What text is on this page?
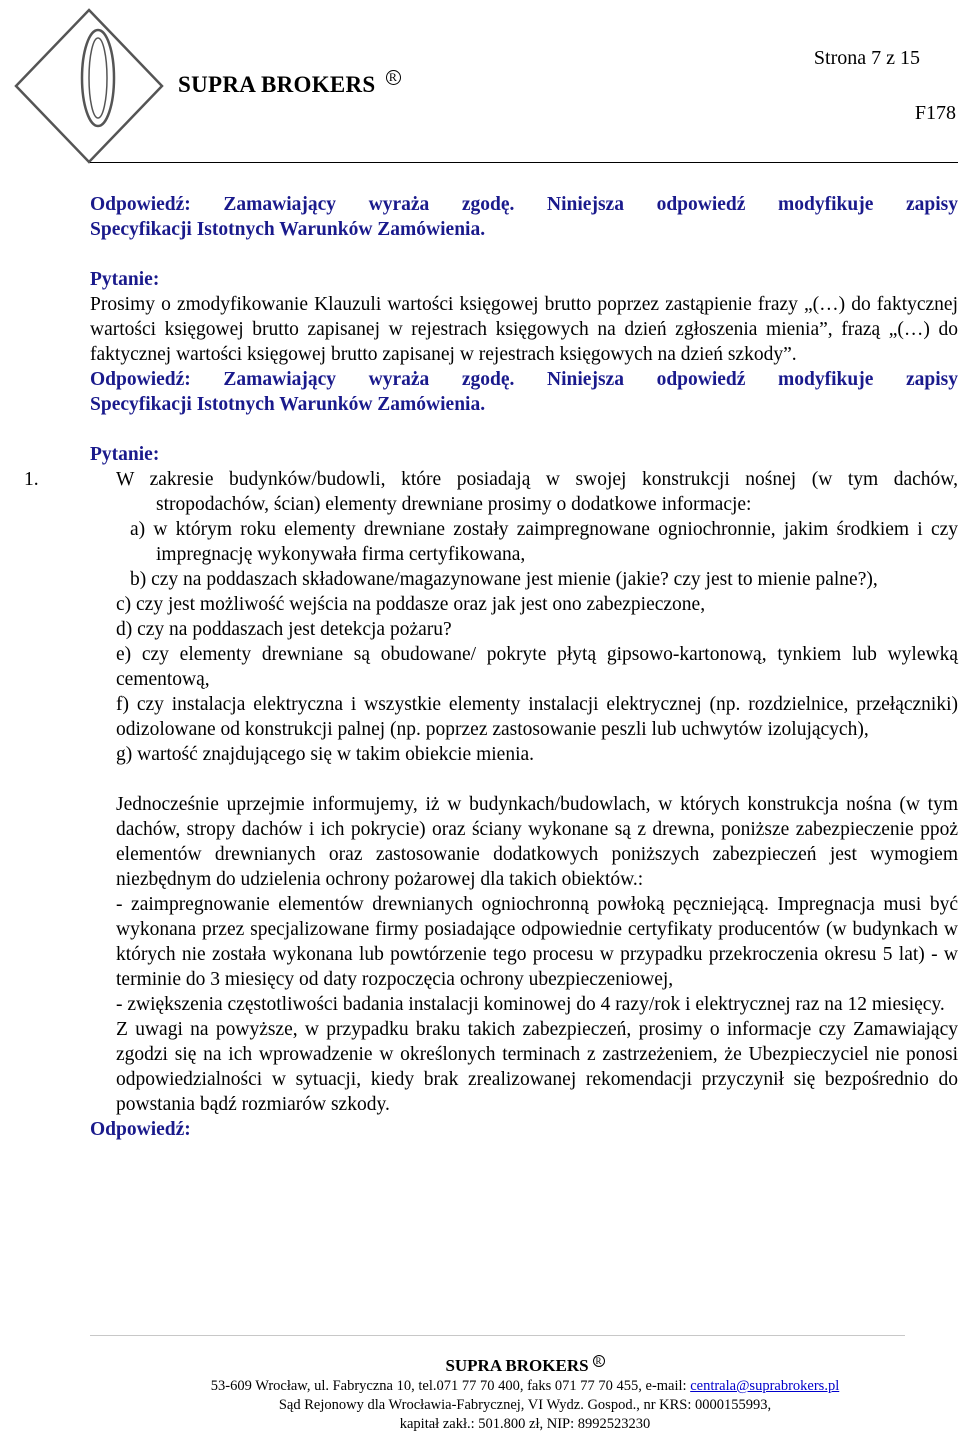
SUPRA BROKERS R
Strona 7 z 15
F178

Odpowiedź: Zamawiający wyraża zgodę. Niniejsza odpowiedź modyfikuje zapisy

Specyfikacji Istotnych Warunków Zamówienia.

Pytanie:

Prosimy o zmodyfikowanie Klauzuli wartości księgowej brutto poprzez zastąpienie frazy „(…) do faktycznej wartości księgowej brutto zapisanej w rejestrach księgowych na dzień zgłoszenia mienia”, frazą „(…) do faktycznej wartości księgowej brutto zapisanej w rejestrach księgowych na dzień szkody”.

Odpowiedź: Zamawiający wyraża zgodę. Niniejsza odpowiedź modyfikuje zapisy

Specyfikacji Istotnych Warunków Zamówienia.

Pytanie:

1.	W zakresie budynków/budowli, które posiadają w swojej konstrukcji nośnej (w tym dachów, stropodachów, ścian) elementy drewniane prosimy o dodatkowe informacje:

a) w którym roku elementy drewniane zostały zaimpregnowane ogniochronnie, jakim środkiem i czy impregnację wykonywała firma certyfikowana,

b) czy na poddaszach składowane/magazynowane jest mienie (jakie? czy jest to mienie palne?),

c) czy jest możliwość wejścia na poddasze oraz jak jest ono zabezpieczone,

d) czy na poddaszach jest detekcja pożaru?

e) czy elementy drewniane są obudowane/ pokryte płytą gipsowo-kartonową, tynkiem lub wylewką cementową,

f) czy instalacja elektryczna i wszystkie elementy instalacji elektrycznej (np. rozdzielnice, przełączniki) odizolowane od konstrukcji palnej (np. poprzez zastosowanie peszli lub uchwytów izolujących),

g) wartość znajdującego się w takim obiekcie mienia.

Jednocześnie uprzejmie informujemy, iż w budynkach/budowlach, w których konstrukcja nośna (w tym dachów, stropy dachów i ich pokrycie) oraz ściany wykonane są z drewna, poniższe zabezpieczenie ppoż elementów drewnianych oraz zastosowanie dodatkowych poniższych zabezpieczeń jest wymogiem niezbędnym do udzielenia ochrony pożarowej dla takich obiektów.:

- zaimpregnowanie elementów drewnianych ogniochronną powłoką pęczniejącą. Impregnacja musi być wykonana przez specjalizowane firmy posiadające odpowiednie certyfikaty producentów (w budynkach w których nie została wykonana lub powtórzenie tego procesu w przypadku przekroczenia okresu 5 lat) - w terminie do 3 miesięcy od daty rozpoczęcia ochrony ubezpieczeniowej,

- zwiększenia częstotliwości badania instalacji kominowej do 4 razy/rok i elektrycznej raz na 12 miesięcy.

Z uwagi na powyższe, w przypadku braku takich zabezpieczeń, prosimy o informacje czy Zamawiający zgodzi się na ich wprowadzenie w określonych terminach z zastrzeżeniem, że Ubezpieczyciel nie ponosi odpowiedzialności w sytuacji, kiedy brak zrealizowanej rekomendacji przyczynił się bezpośrednio do powstania bądź rozmiarów szkody.

Odpowiedź:

SUPRA BROKERS R
53-609 Wrocław, ul. Fabryczna 10, tel.071 77 70 400, faks 071 77 70 455, e-mail: centrala@suprabrokers.pl
Sąd Rejonowy dla Wrocławia-Fabrycznej, VI Wydz. Gospod., nr KRS: 0000155993,
kapitał zakł.: 501.800 zł, NIP: 8992523230
